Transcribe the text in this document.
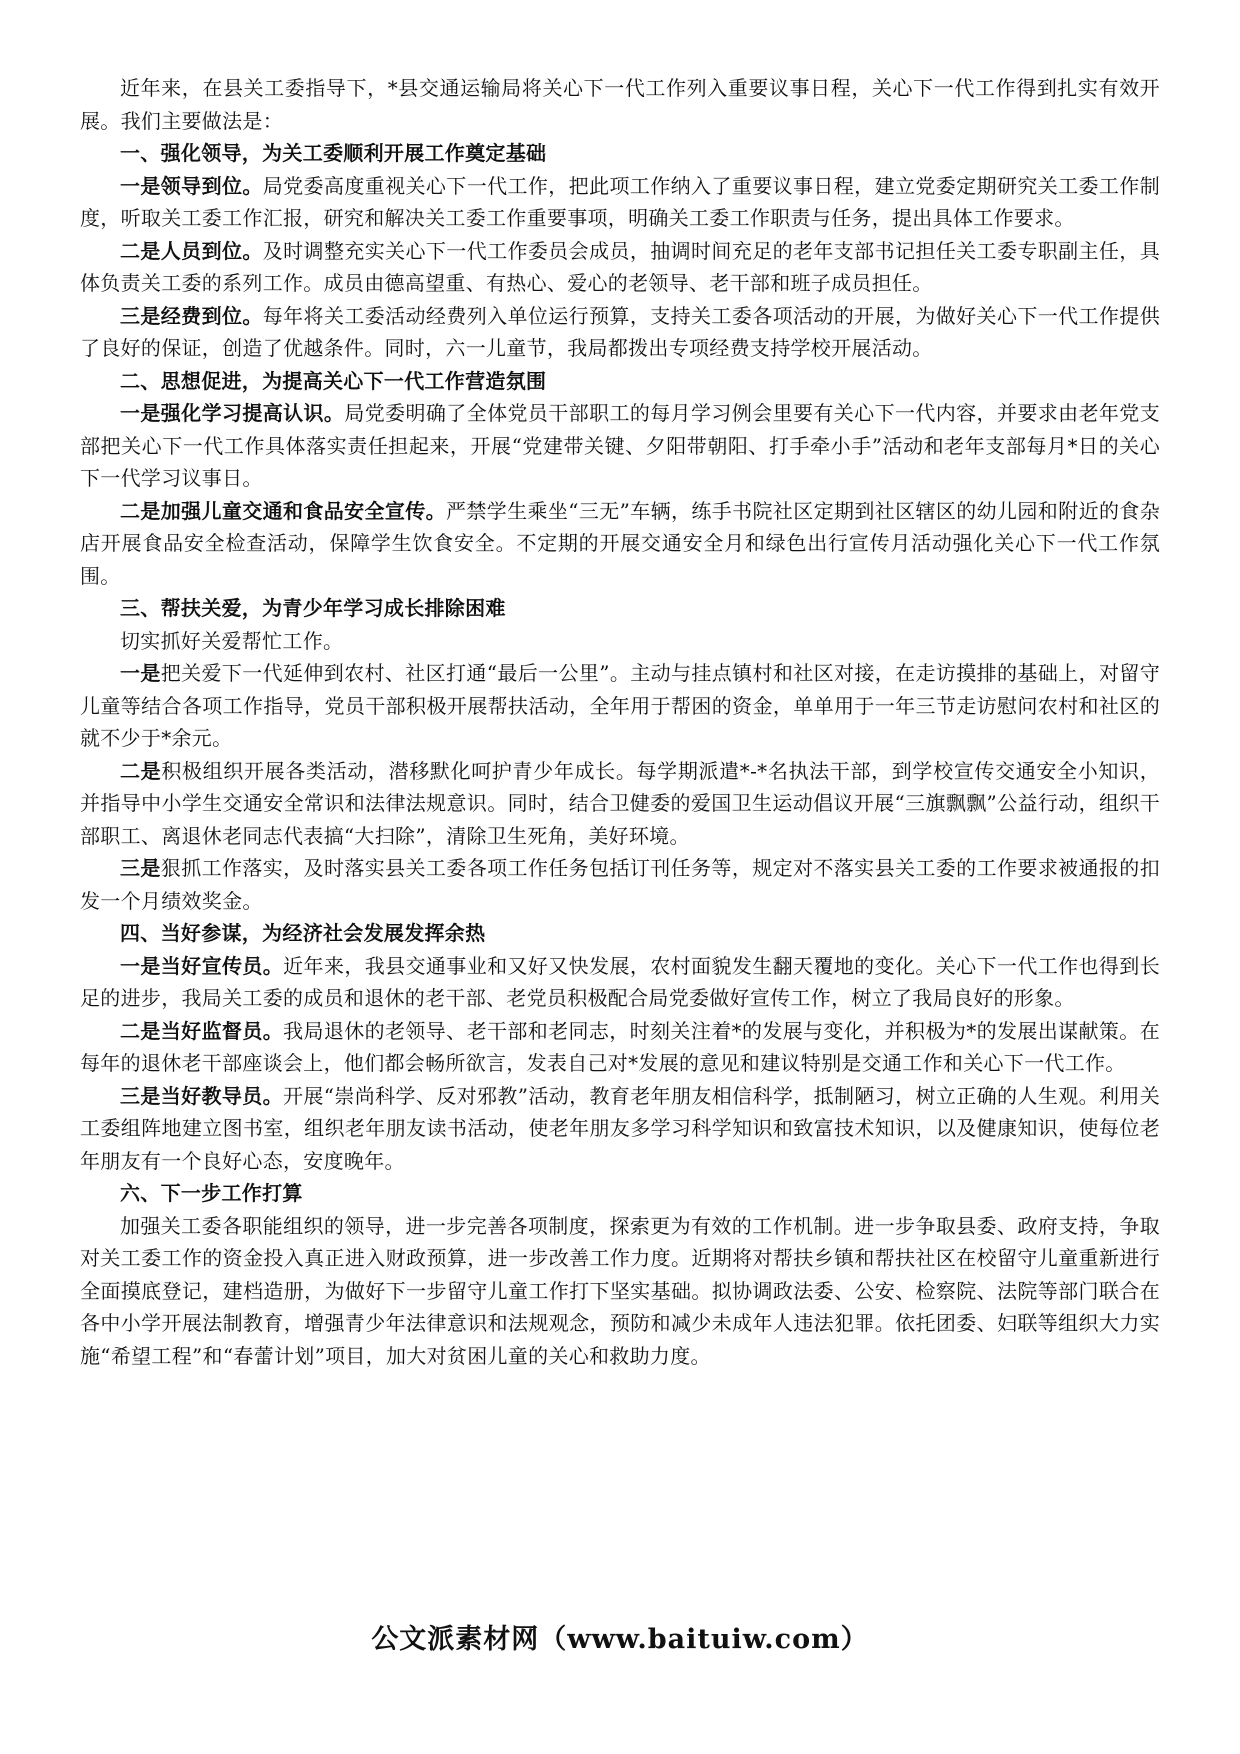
近年来，在县关工委指导下，*县交通运输局将关心下一代工作列入重要议事日程，关心下一代工作得到扎实有效开展。我们主要做法是：

一、强化领导，为关工委顺利开展工作奠定基础

一是领导到位。局党委高度重视关心下一代工作，把此项工作纳入了重要议事日程，建立党委定期研究关工委工作制度，听取关工委工作汇报，研究和解决关工委工作重要事项，明确关工委工作职责与任务，提出具体工作要求。

二是人员到位。及时调整充实关心下一代工作委员会成员，抽调时间充足的老年支部书记担任关工委专职副主任，具体负责关工委的系列工作。成员由德高望重、有热心、爱心的老领导、老干部和班子成员担任。

三是经费到位。每年将关工委活动经费列入单位运行预算，支持关工委各项活动的开展，为做好关心下一代工作提供了良好的保证，创造了优越条件。同时，六一儿童节，我局都拨出专项经费支持学校开展活动。

二、思想促进，为提高关心下一代工作营造氛围

一是强化学习提高认识。局党委明确了全体党员干部职工的每月学习例会里要有关心下一代内容，并要求由老年党支部把关心下一代工作具体落实责任担起来，开展“党建带关键、夕阳带朝阳、打手牵小手”活动和老年支部每月*日的关心下一代学习议事日。

二是加强儿童交通和食品安全宣传。严禁学生乘坐“三无”车辆，练手书院社区定期到社区辖区的幼儿园和附近的食杂店开展食品安全检查活动，保障学生饮食安全。不定期的开展交通安全月和绿色出行宣传月活动强化关心下一代工作氛围。

三、帮扶关爱，为青少年学习成长排除困难

切实抓好关爱帮忙工作。

一是把关爱下一代延伸到农村、社区打通“最后一公里”。主动与挂点镇村和社区对接，在走访摸排的基础上，对留守儿童等结合各项工作指导，党员干部积极开展帮扶活动，全年用于帮困的资金，单单用于一年三节走访慰问农村和社区的就不少于*余元。

二是积极组织开展各类活动，潜移默化呵护青少年成长。每学期派遣*-*名执法干部，到学校宣传交通安全小知识，并指导中小学生交通安全常识和法律法规意识。同时，结合卫健委的爱国卫生运动倡议开展“三旗飘飘”公益行动，组织干部职工、离退休老同志代表搞“大扫除”，清除卫生死角，美好环境。

三是狠抓工作落实，及时落实县关工委各项工作任务包括订刊任务等，规定对不落实县关工委的工作要求被通报的扣发一个月绩效奖金。

四、当好参谋，为经济社会发展发挥余热

一是当好宣传员。近年来，我县交通事业和又好又快发展，农村面貌发生翻天覆地的变化。关心下一代工作也得到长足的进步，我局关工委的成员和退休的老干部、老党员积极配合局党委做好宣传工作，树立了我局良好的形象。

二是当好监督员。我局退休的老领导、老干部和老同志，时刻关注着*的发展与变化，并积极为*的发展出谋献策。在每年的退休老干部座谈会上，他们都会畅所欲言，发表自己对*发展的意见和建议特别是交通工作和关心下一代工作。

三是当好教导员。开展“崇尚科学、反对邪教”活动，教育老年朋友相信科学，抵制陋习，树立正确的人生观。利用关工委组阵地建立图书室，组织老年朋友读书活动，使老年朋友多学习科学知识和致富技术知识，以及健康知识，使每位老年朋友有一个良好心态，安度晚年。

六、下一步工作打算

加强关工委各职能组织的领导，进一步完善各项制度，探索更为有效的工作机制。进一步争取县委、政府支持，争取对关工委工作的资金投入真正进入财政预算，进一步改善工作力度。近期将对帮扶乡镇和帮扶社区在校留守儿童重新进行全面摸底登记，建档造册，为做好下一步留守儿童工作打下坚实基础。拟协调政法委、公安、检察院、法院等部门联合在各中小学开展法制教育，增强青少年法律意识和法规观念，预防和减少未成年人违法犯罪。依托团委、妇联等组织大力实施“希望工程”和“春蕾计划”项目，加大对贫困儿童的关心和救助力度。

公文派素材网（www.baituiw.com）
